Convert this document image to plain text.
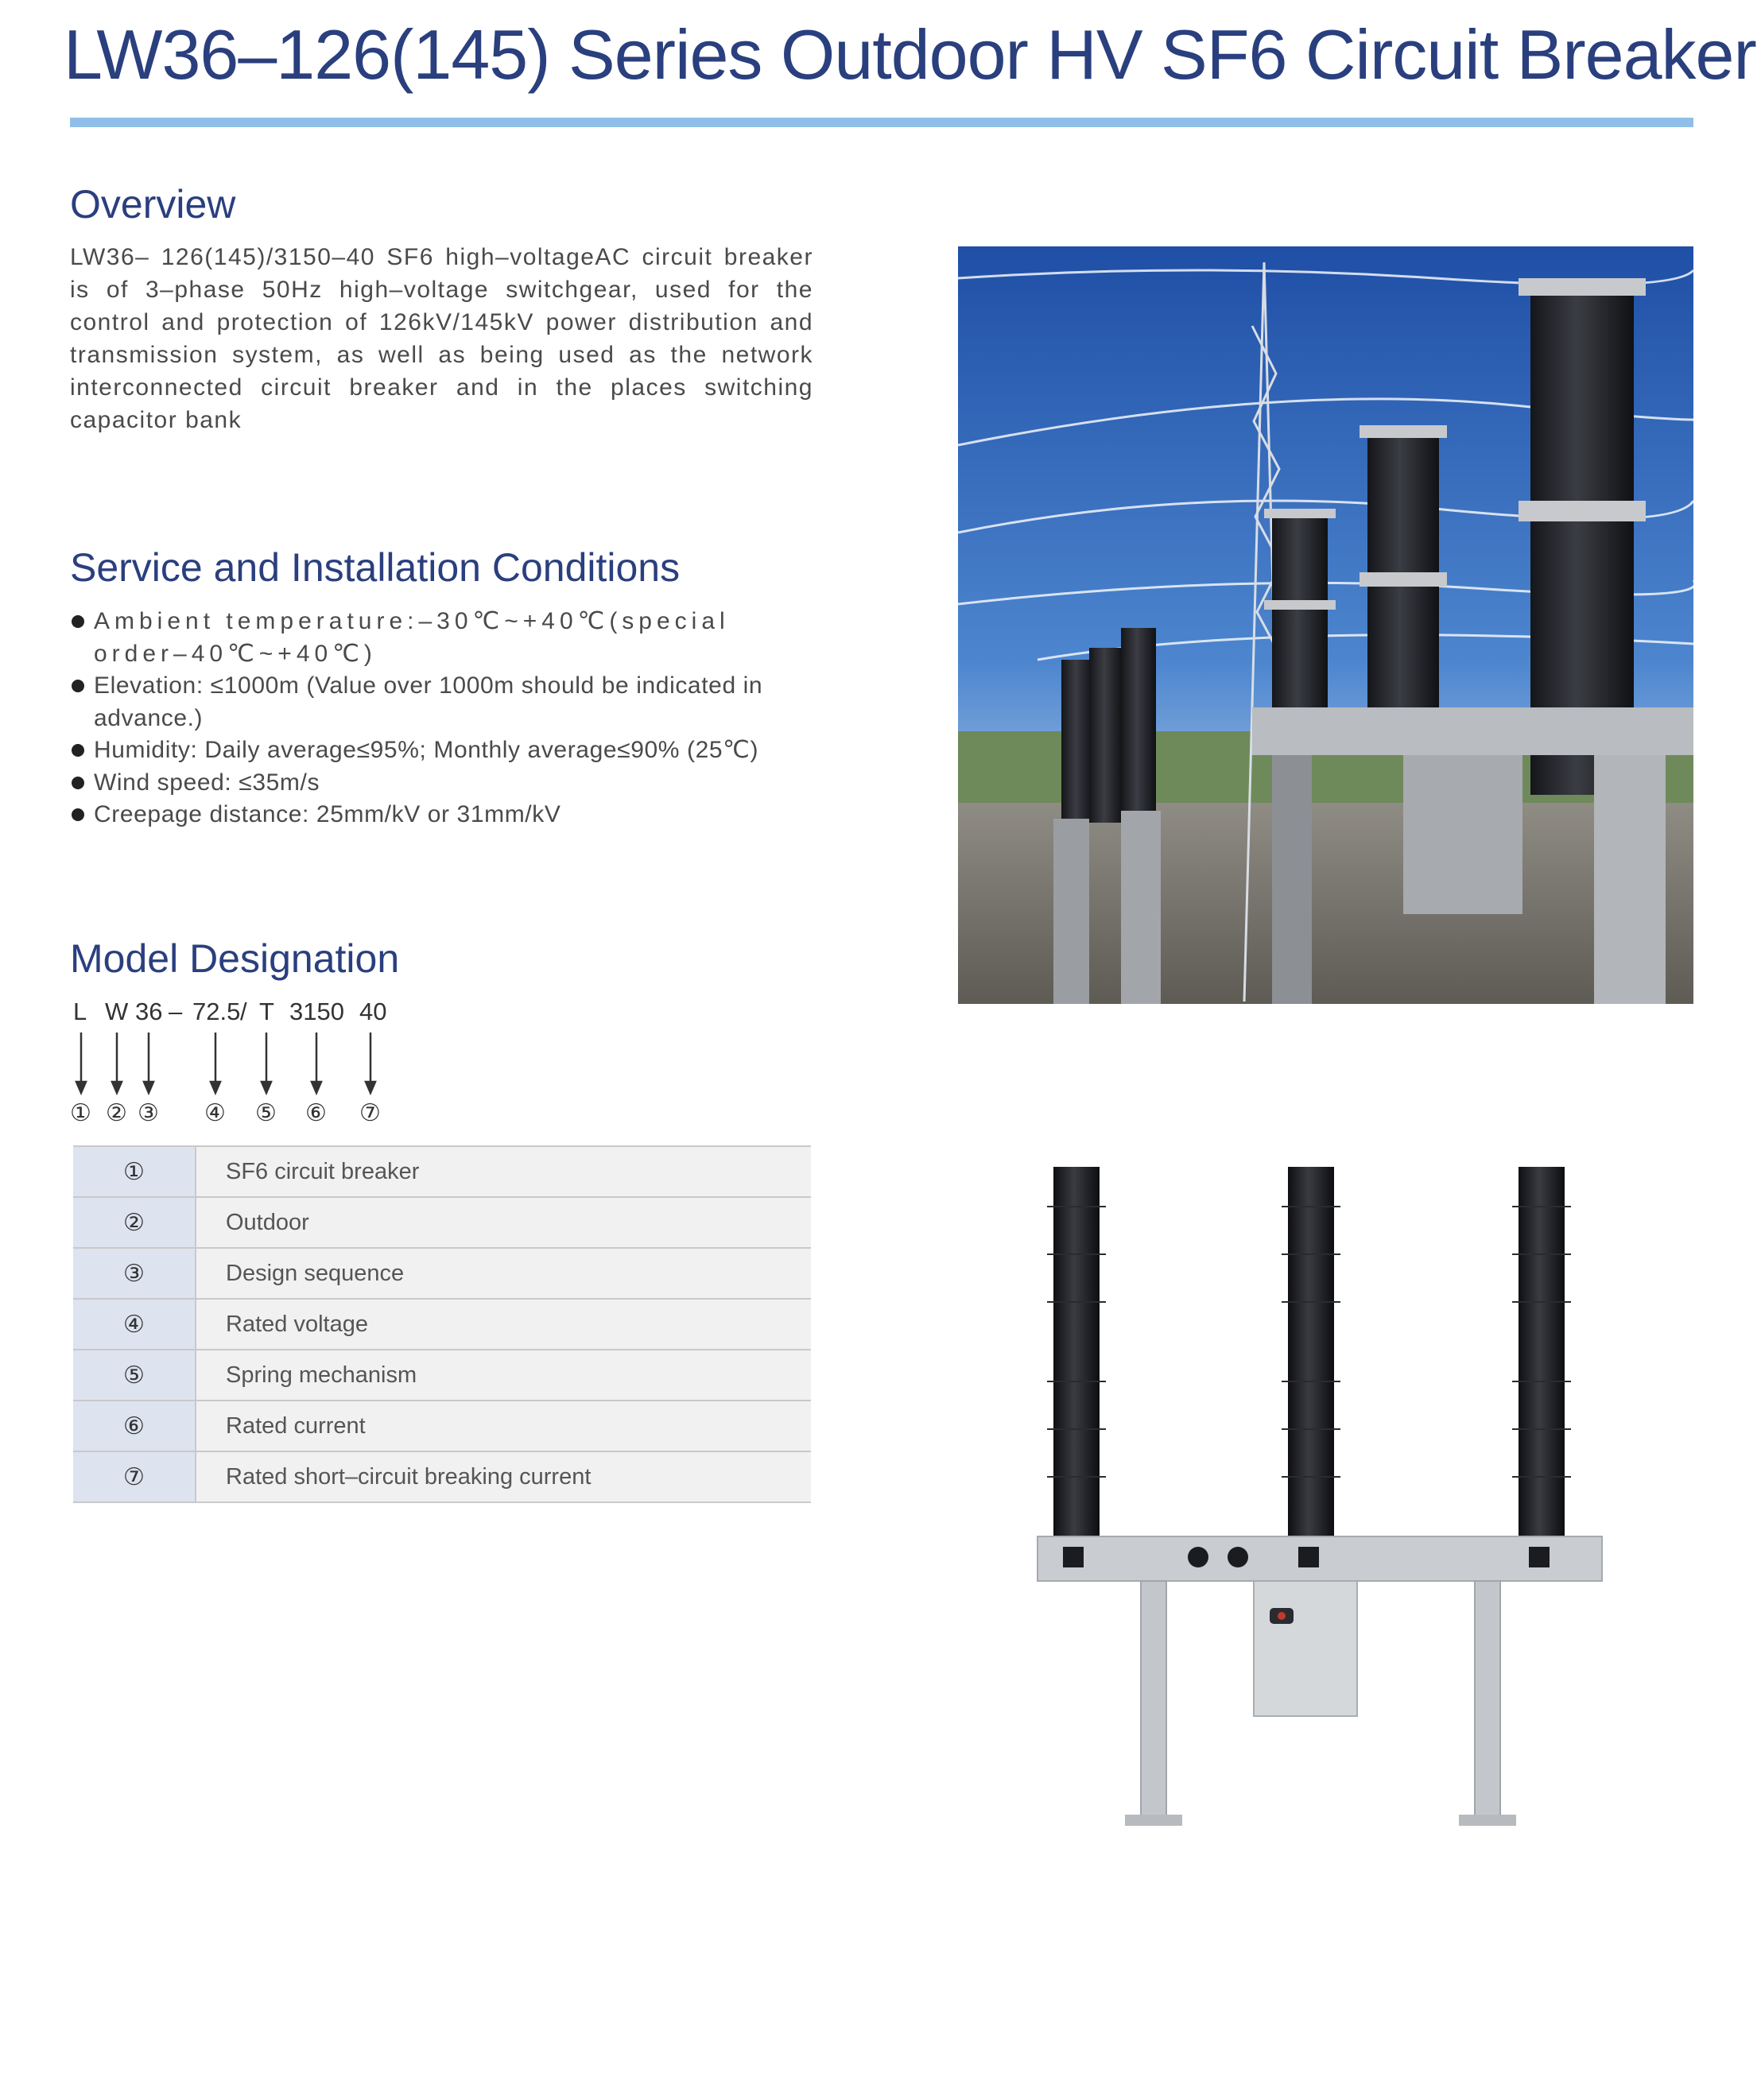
LW36–126(145) Series Outdoor HV SF6 Circuit Breaker
Overview
LW36– 126(145)/3150–40 SF6 high–voltageAC circuit breaker is of 3–phase 50Hz high–voltage switchgear, used for the control and protection of 126kV/145kV power distribution and transmission system, as well as being used as the network interconnected circuit breaker and in the places switching capacitor bank
Service and Installation Conditions
Ambient temperature:–30℃~+40℃(special order–40℃~+40℃)
Elevation: ≤1000m (Value over 1000m should be indicated in advance.)
Humidity: Daily average≤95%; Monthly average≤90% (25℃)
Wind speed: ≤35m/s
Creepage distance: 25mm/kV or 31mm/kV
Model Designation
L W 36 – 72.5 / T 3150 40
① ② ③ ④ ⑤ ⑥ ⑦
①	SF6 circuit breaker
②	Outdoor
③	Design sequence
④	Rated voltage
⑤	Spring mechanism
⑥	Rated current
⑦	Rated short–circuit breaking current
